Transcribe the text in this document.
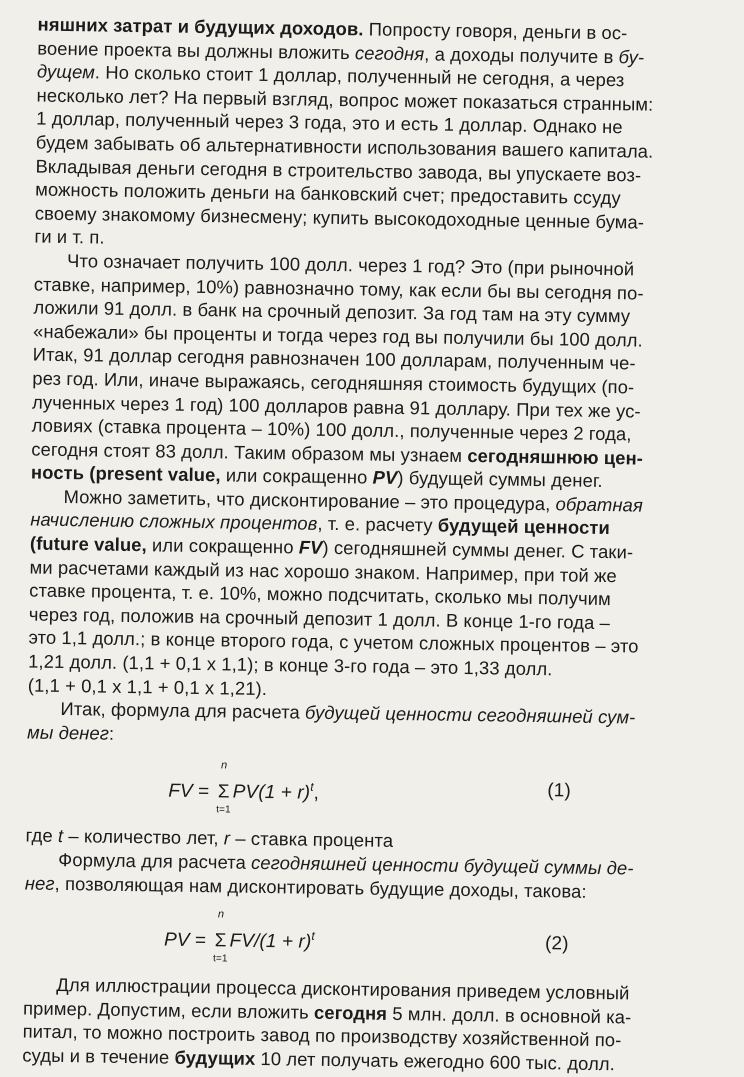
няшних затрат и будущих доходов. Попросту говоря, деньги в ос-
воение проекта вы должны вложить сегодня, а доходы получите в бу-
дущем. Но сколько стоит 1 доллар, полученный не сегодня, а через
несколько лет? На первый взгляд, вопрос может показаться странным:
1 доллар, полученный через 3 года, это и есть 1 доллар. Однако не
будем забывать об альтернативности использования вашего капитала.
Вкладывая деньги сегодня в строительство завода, вы упускаете воз-
можность положить деньги на банковский счет; предоставить ссуду
своему знакомому бизнесмену; купить высокодоходные ценные бума-
ги и т. п.
Что означает получить 100 долл. через 1 год? Это (при рыночной
ставке, например, 10%) равнозначно тому, как если бы вы сегодня по-
ложили 91 долл. в банк на срочный депозит. За год там на эту сумму
«набежали» бы проценты и тогда через год вы получили бы 100 долл.
Итак, 91 доллар сегодня равнозначен 100 долларам, полученным че-
рез год. Или, иначе выражаясь, сегодняшняя стоимость будущих (по-
лученных через 1 год) 100 долларов равна 91 доллару. При тех же ус-
ловиях (ставка процента – 10%) 100 долл., полученные через 2 года,
сегодня стоят 83 долл. Таким образом мы узнаем сегодняшнюю цен-
ность (present value, или сокращенно PV) будущей суммы денег.
Можно заметить, что дисконтирование – это процедура, обратная
начислению сложных процентов, т. е. расчету будущей ценности
(future value, или сокращенно FV) сегодняшней суммы денег. С таки-
ми расчетами каждый из нас хорошо знаком. Например, при той же
ставке процента, т. е. 10%, можно подсчитать, сколько мы получим
через год, положив на срочный депозит 1 долл. В конце 1-го года –
это 1,1 долл.; в конце второго года, с учетом сложных процентов – это
1,21 долл. (1,1 + 0,1 x 1,1); в конце 3-го года – это 1,33 долл.
(1,1 + 0,1 x 1,1 + 0,1 x 1,21).
Итак, формула для расчета будущей ценности сегодняшней сум-
мы денег:
FV =
n
Σ
t=1
$PV(1 + r)^t$,	(1)
где t – количество лет, r – ставка процента
Формула для расчета сегодняшней ценности будущей суммы де-
нег, позволяющая нам дисконтировать будущие доходы, такова:
PV =
n
Σ
t=1
$FV/(1 + r)^t$	(2)
Для иллюстрации процесса дисконтирования приведем условный
пример. Допустим, если вложить сегодня 5 млн. долл. в основной ка-
питал, то можно построить завод по производству хозяйственной по-
суды и в течение будущих 10 лет получать ежегодно 600 тыс. долл.
